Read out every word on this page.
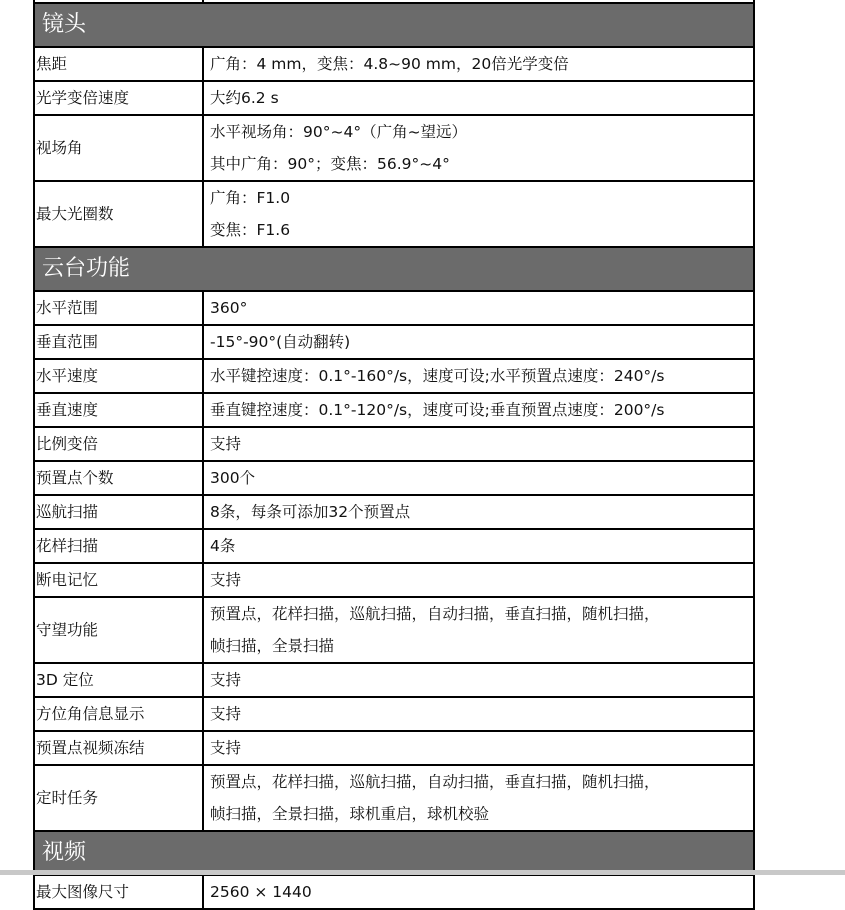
镜头	
焦距	广角：4 mm，变焦：4.8~90 mm，20倍光学变倍

光学变倍速度	大约6.2 s

视场角	水平视场角：90°~4°（广角~望远）
其中广角：90°；变焦：56.9°~4°

最大光圈数	广角：F1.0
变焦：F1.6

云台功能	
水平范围	360°

垂直范围	-15°-90°(自动翻转)

水平速度	水平键控速度：0.1°-160°/s，速度可设;水平预置点速度：240°/s

垂直速度	垂直键控速度：0.1°-120°/s，速度可设;垂直预置点速度：200°/s

比例变倍	支持

预置点个数	300个

巡航扫描	8条，每条可添加32个预置点

花样扫描	4条

断电记忆	支持

守望功能	预置点，花样扫描，巡航扫描，自动扫描，垂直扫描，随机扫描，
帧扫描，全景扫描

3D 定位	支持

方位角信息显示	支持

预置点视频冻结	支持

定时任务	预置点，花样扫描，巡航扫描，自动扫描，垂直扫描，随机扫描，
帧扫描，全景扫描，球机重启，球机校验

视频	
最大图像尺寸	2560 × 1440
